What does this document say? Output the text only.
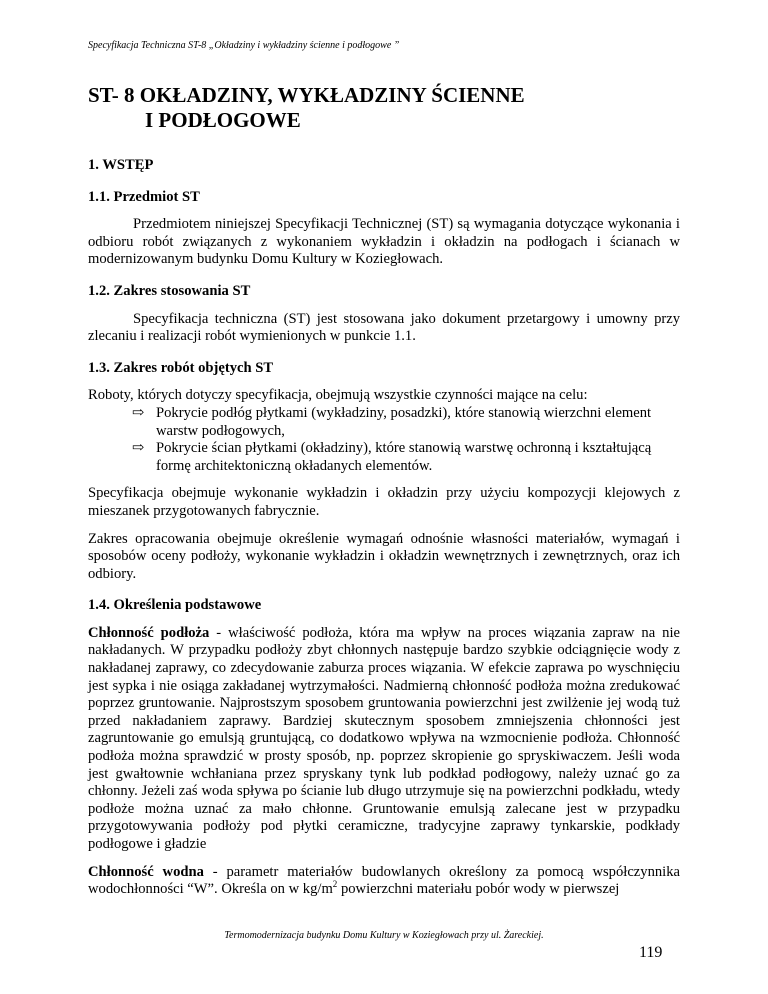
Specyfikacja Techniczna ST-8 „Okładziny i wykładziny ścienne i podłogowe ”
ST- 8 OKŁADZINY, WYKŁADZINY ŚCIENNE
I PODŁOGOWE
1. WSTĘP
1.1. Przedmiot ST

Przedmiotem niniejszej Specyfikacji Technicznej (ST) są wymagania dotyczące wykonania i odbioru robót związanych z wykonaniem wykładzin i okładzin na podłogach i ścianach w modernizowanym budynku Domu Kultury w Koziegłowach.

1.2. Zakres stosowania ST

Specyfikacja techniczna (ST) jest stosowana jako dokument przetargowy i umowny przy zlecaniu i realizacji robót wymienionych w punkcie 1.1.

1.3. Zakres robót objętych ST

Roboty, których dotyczy specyfikacja, obejmują wszystkie czynności mające na celu:

⇨ Pokrycie podłóg płytkami (wykładziny, posadzki), które stanowią wierzchni element warstw podłogowych,
⇨ Pokrycie ścian płytkami (okładziny), które stanowią warstwę ochronną i kształtującą formę architektoniczną okładanych elementów.

Specyfikacja obejmuje wykonanie wykładzin i okładzin przy użyciu kompozycji klejowych z mieszanek przygotowanych fabrycznie.

Zakres opracowania obejmuje określenie wymagań odnośnie własności materiałów, wymagań i sposobów oceny podłoży, wykonanie wykładzin i okładzin wewnętrznych i zewnętrznych, oraz ich odbiory.

1.4. Określenia podstawowe

Chłonność podłoża - właściwość podłoża, która ma wpływ na proces wiązania zapraw na nie nakładanych. W przypadku podłoży zbyt chłonnych następuje bardzo szybkie odciągnięcie wody z nakładanej zaprawy, co zdecydowanie zaburza proces wiązania. W efekcie zaprawa po wyschnięciu jest sypka i nie osiąga zakładanej wytrzymałości. Nadmierną chłonność podłoża można zredukować poprzez gruntowanie. Najprostszym sposobem gruntowania powierzchni jest zwilżenie jej wodą tuż przed nakładaniem zaprawy. Bardziej skutecznym sposobem zmniejszenia chłonności jest zagruntowanie go emulsją gruntującą, co dodatkowo wpływa na wzmocnienie podłoża. Chłonność podłoża można sprawdzić w prosty sposób, np. poprzez skropienie go spryskiwaczem. Jeśli woda jest gwałtownie wchłaniana przez spryskany tynk lub podkład podłogowy, należy uznać go za chłonny. Jeżeli zaś woda spływa po ścianie lub długo utrzymuje się na powierzchni podkładu, wtedy podłoże można uznać za mało chłonne. Gruntowanie emulsją zalecane jest w przypadku przygotowywania podłoży pod płytki ceramiczne, tradycyjne zaprawy tynkarskie, podkłady podłogowe i gładzie

Chłonność wodna - parametr materiałów budowlanych określony za pomocą współczynnika wodochłonności “W”. Określa on w $kg/m^2$ powierzchni materiału pobór wody w pierwszej

Termomodernizacja budynku Domu Kultury w Koziegłowach przy ul. Żareckiej.
119
